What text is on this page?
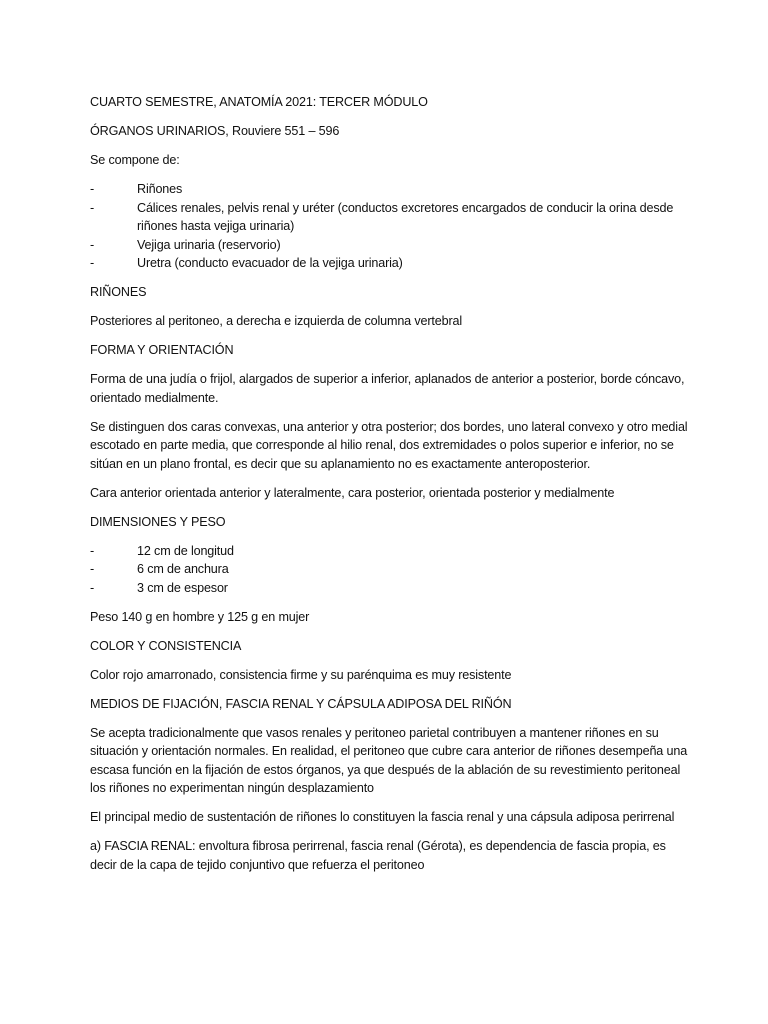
CUARTO SEMESTRE, ANATOMÍA 2021: TERCER MÓDULO

ÓRGANOS URINARIOS, Rouviere 551 – 596

Se compone de:

- Riñones
- Cálices renales, pelvis renal y uréter (conductos excretores encargados de conducir la orina desde riñones hasta vejiga urinaria)
- Vejiga urinaria (reservorio)
- Uretra (conducto evacuador de la vejiga urinaria)

RIÑONES

Posteriores al peritoneo, a derecha e izquierda de columna vertebral

FORMA Y ORIENTACIÓN

Forma de una judía o frijol, alargados de superior a inferior, aplanados de anterior a posterior, borde cóncavo, orientado medialmente.

Se distinguen dos caras convexas, una anterior y otra posterior; dos bordes, uno lateral convexo y otro medial escotado en parte media, que corresponde al hilio renal, dos extremidades o polos superior e inferior, no se sitúan en un plano frontal, es decir que su aplanamiento no es exactamente anteroposterior.

Cara anterior orientada anterior y lateralmente, cara posterior, orientada posterior y medialmente

DIMENSIONES Y PESO

- 12 cm de longitud
- 6 cm de anchura
- 3 cm de espesor

Peso 140 g en hombre y 125 g en mujer

COLOR Y CONSISTENCIA

Color rojo amarronado, consistencia firme y su parénquima es muy resistente

MEDIOS DE FIJACIÓN, FASCIA RENAL Y CÁPSULA ADIPOSA DEL RIÑÓN

Se acepta tradicionalmente que vasos renales y peritoneo parietal contribuyen a mantener riñones en su situación y orientación normales. En realidad, el peritoneo que cubre cara anterior de riñones desempeña una escasa función en la fijación de estos órganos, ya que después de la ablación de su revestimiento peritoneal los riñones no experimentan ningún desplazamiento

El principal medio de sustentación de riñones lo constituyen la fascia renal y una cápsula adiposa perirrenal

a) FASCIA RENAL: envoltura fibrosa perirrenal, fascia renal (Gérota), es dependencia de fascia propia, es decir de la capa de tejido conjuntivo que refuerza el peritoneo
